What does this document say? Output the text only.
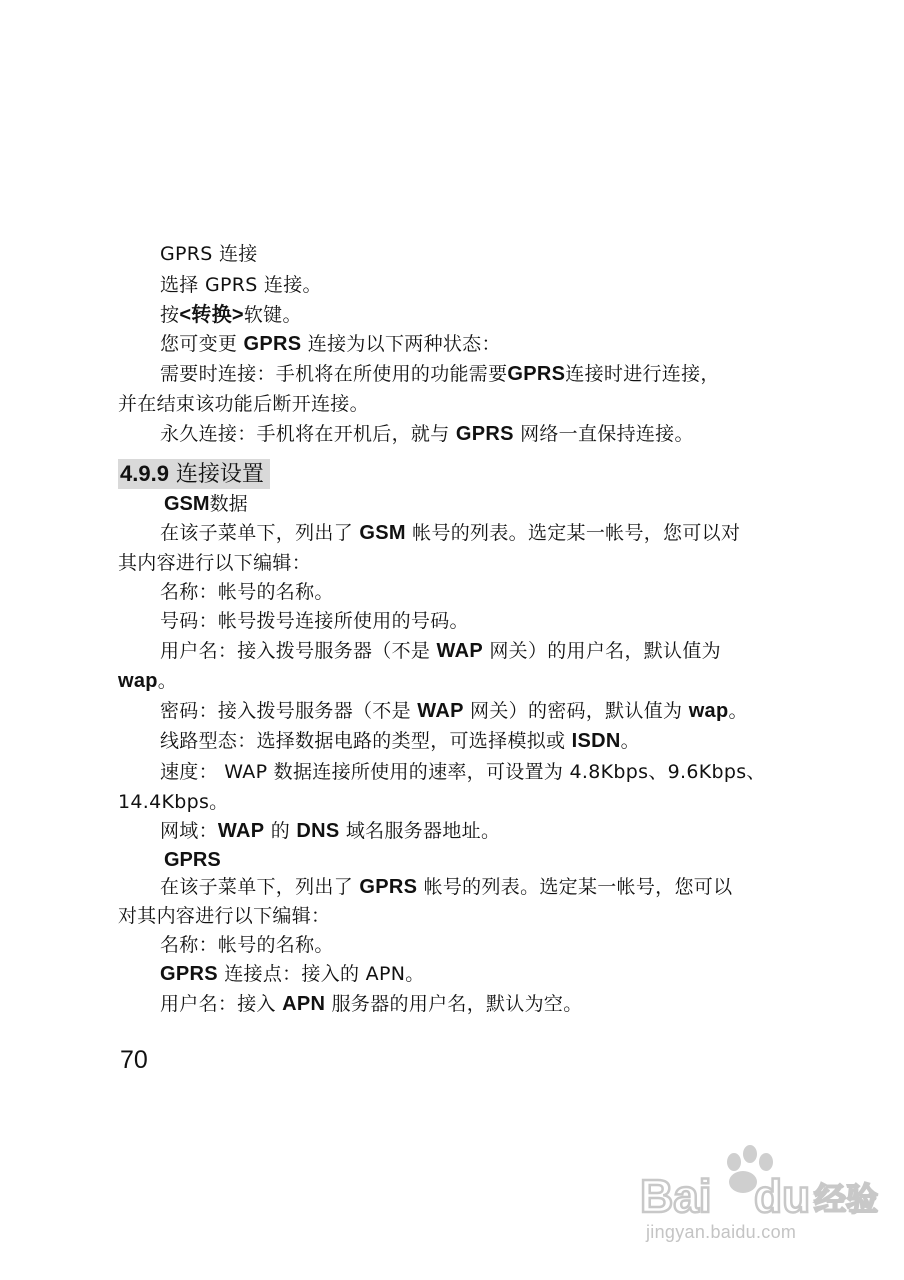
GPRS 连接
选择 GPRS 连接。
按<转换>软键。
您可变更 GPRS 连接为以下两种状态：
需要时连接：手机将在所使用的功能需要 GPRS 连接时进行连接，
并在结束该功能后断开连接。
永久连接：手机将在开机后，就与 GPRS 网络一直保持连接。
4.9.9 连接设置
GSM数据
在该子菜单下，列出了 GSM 帐号的列表。选定某一帐号，您可以对
其内容进行以下编辑：
名称：帐号的名称。
号码：帐号拨号连接所使用的号码。
用户名：接入拨号服务器（不是 WAP 网关）的用户名，默认值为
wap。
密码：接入拨号服务器（不是 WAP 网关）的密码，默认值为 wap。
线路型态：选择数据电路的类型，可选择模拟或 ISDN。
速度： WAP 数据连接所使用的速率，可设置为 4.8Kbps、9.6Kbps、
14.4Kbps。
网域：WAP 的 DNS 域名服务器地址。
GPRS
在该子菜单下，列出了 GPRS 帐号的列表。选定某一帐号，您可以
对其内容进行以下编辑：
名称：帐号的名称。
GPRS 连接点：接入的 APN。
用户名：接入 APN 服务器的用户名，默认为空。
70
Bai du 经验
jingyan.baidu.com
